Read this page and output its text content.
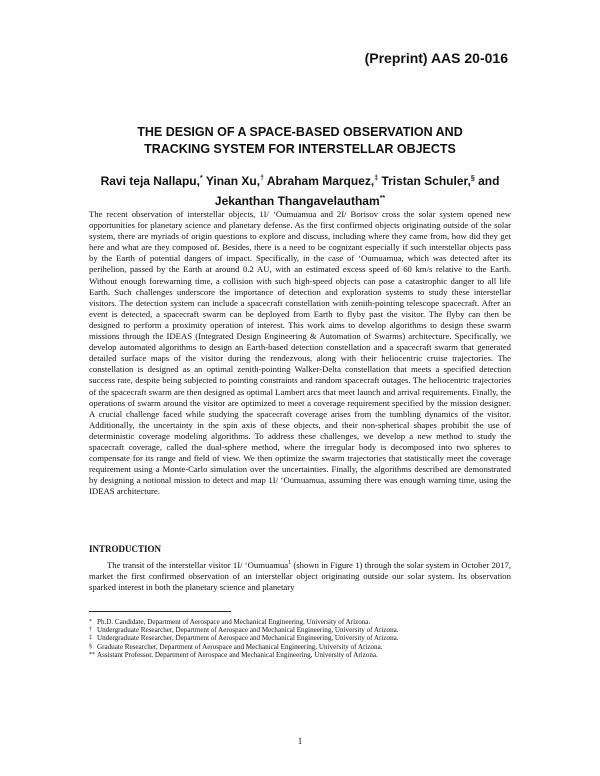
(Preprint) AAS 20-016
THE DESIGN OF A SPACE-BASED OBSERVATION AND
TRACKING SYSTEM FOR INTERSTELLAR OBJECTS
Ravi teja Nallapu,* Yinan Xu,† Abraham Marquez,‡ Tristan Schuler,§ and
Jekanthan Thangavelautham**

The recent observation of interstellar objects, 1I/ ‘Oumuamua and 2I/ Borisov cross the solar system opened new opportunities for planetary science and planetary defense. As the first confirmed objects originating outside of the solar system, there are myriads of origin questions to explore and discuss, including where they came from, how did they get here and what are they composed of. Besides, there is a need to be cognizant especially if such interstellar objects pass by the Earth of potential dangers of impact. Specifically, in the case of ‘Oumuamua, which was detected after its perihelion, passed by the Earth at around 0.2 AU, with an estimated excess speed of 60 km/s relative to the Earth. Without enough forewarning time, a collision with such high-speed objects can pose a catastrophic danger to all life Earth. Such challenges underscore the importance of detection and exploration systems to study these interstellar visitors. The detection system can include a spacecraft constellation with zenith-pointing telescope spacecraft. After an event is detected, a spacecraft swarm can be deployed from Earth to flyby past the visitor. The flyby can then be designed to perform a proximity operation of interest. This work aims to develop algorithms to design these swarm missions through the IDEAS (Integrated Design Engineering & Automation of Swarms) architecture. Specifically, we develop automated algorithms to design an Earth-based detection constellation and a spacecraft swarm that generated detailed surface maps of the visitor during the rendezvous, along with their heliocentric cruise trajectories. The constellation is designed as an optimal zenith-pointing Walker-Delta constellation that meets a specified detection success rate, despite being subjected to pointing constraints and random spacecraft outages. The heliocentric trajectories of the spacecraft swarm are then designed as optimal Lambert arcs that meet launch and arrival requirements. Finally, the operations of swarm around the visitor are optimized to meet a coverage requirement specified by the mission designer. A crucial challenge faced while studying the spacecraft coverage arises from the tumbling dynamics of the visitor. Additionally, the uncertainty in the spin axis of these objects, and their non-spherical shapes prohibit the use of deterministic coverage modeling algorithms. To address these challenges, we develop a new method to study the spacecraft coverage, called the dual-sphere method, where the irregular body is decomposed into two spheres to compensate for its range and field of view. We then optimize the swarm trajectories that statistically meet the coverage requirement using a Monte-Carlo simulation over the uncertainties. Finally, the algorithms described are demonstrated by designing a notional mission to detect and map 1I/ ‘Oumuamua, assuming there was enough warning time, using the IDEAS architecture.

INTRODUCTION

The transit of the interstellar visitor 1I/ ‘Oumuamua$^1$ (shown in Figure 1) through the solar system in October 2017, market the first confirmed observation of an interstellar object originating outside our solar system. Its observation sparked interest in both the planetary science and planetary

* Ph.D. Candidate, Department of Aerospace and Mechanical Engineering, University of Arizona.
† Undergraduate Researcher, Department of Aerospace and Mechanical Engineering, University of Arizona.
‡ Undergraduate Researcher, Department of Aerospace and Mechanical Engineering, University of Arizona.
§ Graduate Researcher, Department of Aerospace and Mechanical Engineering, University of Arizona.
** Assistant Professor, Department of Aerospace and Mechanical Engineering, University of Arizona.
1
